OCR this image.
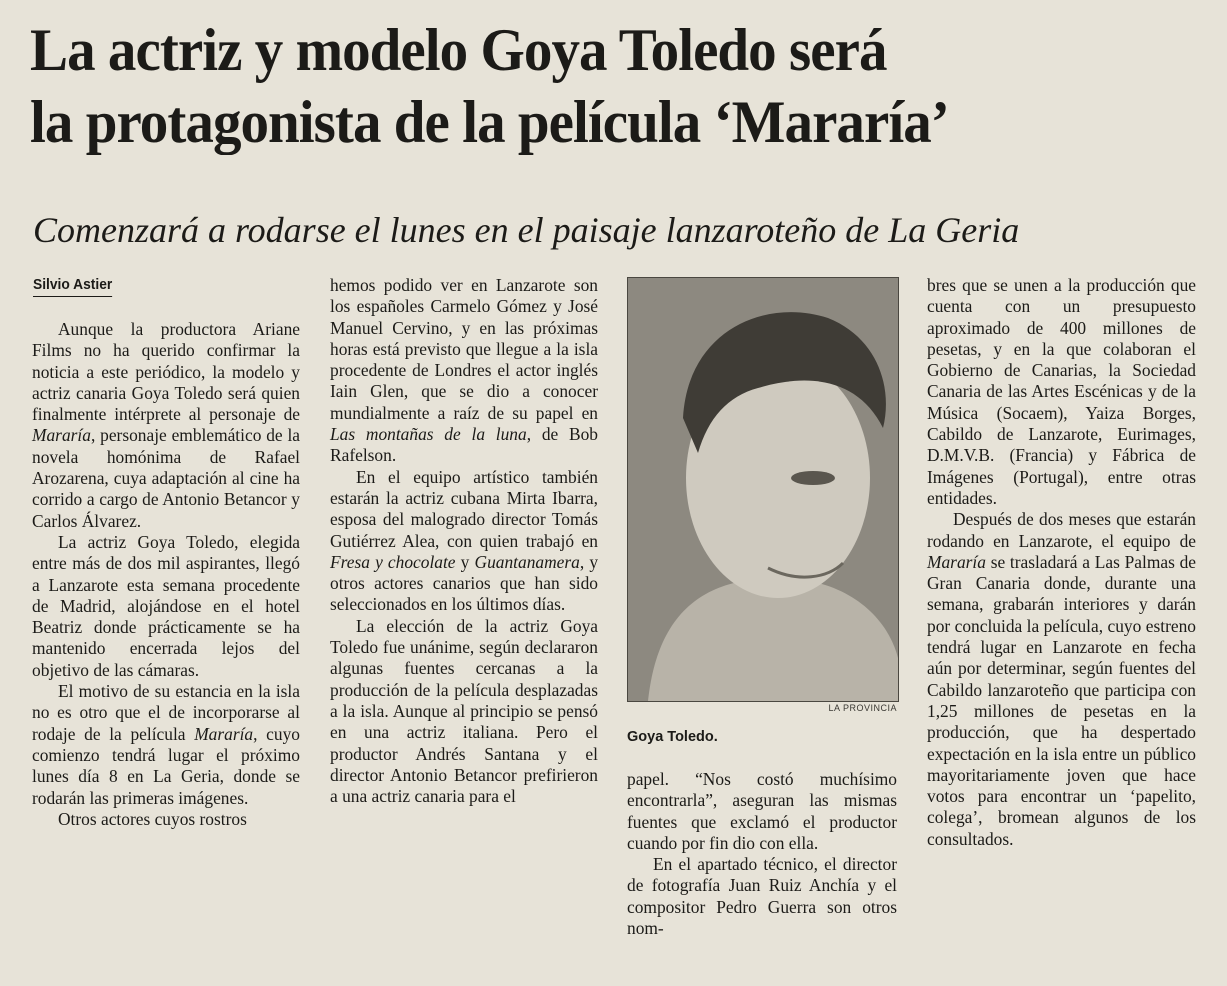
La actriz y modelo Goya Toledo será
la protagonista de la película ‘Mararía’
Comenzará a rodarse el lunes en el paisaje lanzaroteño de La Geria
Silvio Astier

Aunque la productora Ariane Films no ha querido confirmar la noticia a este periódico, la modelo y actriz canaria Goya Toledo será quien finalmente intérprete al personaje de Mararía, personaje emblemático de la novela homónima de Rafael Arozarena, cuya adaptación al cine ha corrido a cargo de Antonio Betancor y Carlos Álvarez.

La actriz Goya Toledo, elegida entre más de dos mil aspirantes, llegó a Lanzarote esta semana procedente de Madrid, alojándose en el hotel Beatriz donde prácticamente se ha mantenido encerrada lejos del objetivo de las cámaras.

El motivo de su estancia en la isla no es otro que el de incorporarse al rodaje de la película Mararía, cuyo comienzo tendrá lugar el próximo lunes día 8 en La Geria, donde se rodarán las primeras imágenes.

Otros actores cuyos rostros

hemos podido ver en Lanzarote son los españoles Carmelo Gómez y José Manuel Cervino, y en las próximas horas está previsto que llegue a la isla procedente de Londres el actor inglés Iain Glen, que se dio a conocer mundialmente a raíz de su papel en Las montañas de la luna, de Bob Rafelson.

En el equipo artístico también estarán la actriz cubana Mirta Ibarra, esposa del malogrado director Tomás Gutiérrez Alea, con quien trabajó en Fresa y chocolate y Guantanamera, y otros actores canarios que han sido seleccionados en los últimos días.

La elección de la actriz Goya Toledo fue unánime, según declararon algunas fuentes cercanas a la producción de la película desplazadas a la isla. Aunque al principio se pensó en una actriz italiana. Pero el productor Andrés Santana y el director Antonio Betancor prefirieron a una actriz canaria para el

LA PROVINCIA
Goya Toledo.

papel. “Nos costó muchísimo encontrarla”, aseguran las mismas fuentes que exclamó el productor cuando por fin dio con ella.

En el apartado técnico, el director de fotografía Juan Ruiz Anchía y el compositor Pedro Guerra son otros nom-

bres que se unen a la producción que cuenta con un presupuesto aproximado de 400 millones de pesetas, y en la que colaboran el Gobierno de Canarias, la Sociedad Canaria de las Artes Escénicas y de la Música (Socaem), Yaiza Borges, Cabildo de Lanzarote, Eurimages, D.M.V.B. (Francia) y Fábrica de Imágenes (Portugal), entre otras entidades.

Después de dos meses que estarán rodando en Lanzarote, el equipo de Mararía se trasladará a Las Palmas de Gran Canaria donde, durante una semana, grabarán interiores y darán por concluida la película, cuyo estreno tendrá lugar en Lanzarote en fecha aún por determinar, según fuentes del Cabildo lanzaroteño que participa con 1,25 millones de pesetas en la producción, que ha despertado expectación en la isla entre un público mayoritariamente joven que hace votos para encontrar un ‘papelito, colega’, bromean algunos de los consultados.
